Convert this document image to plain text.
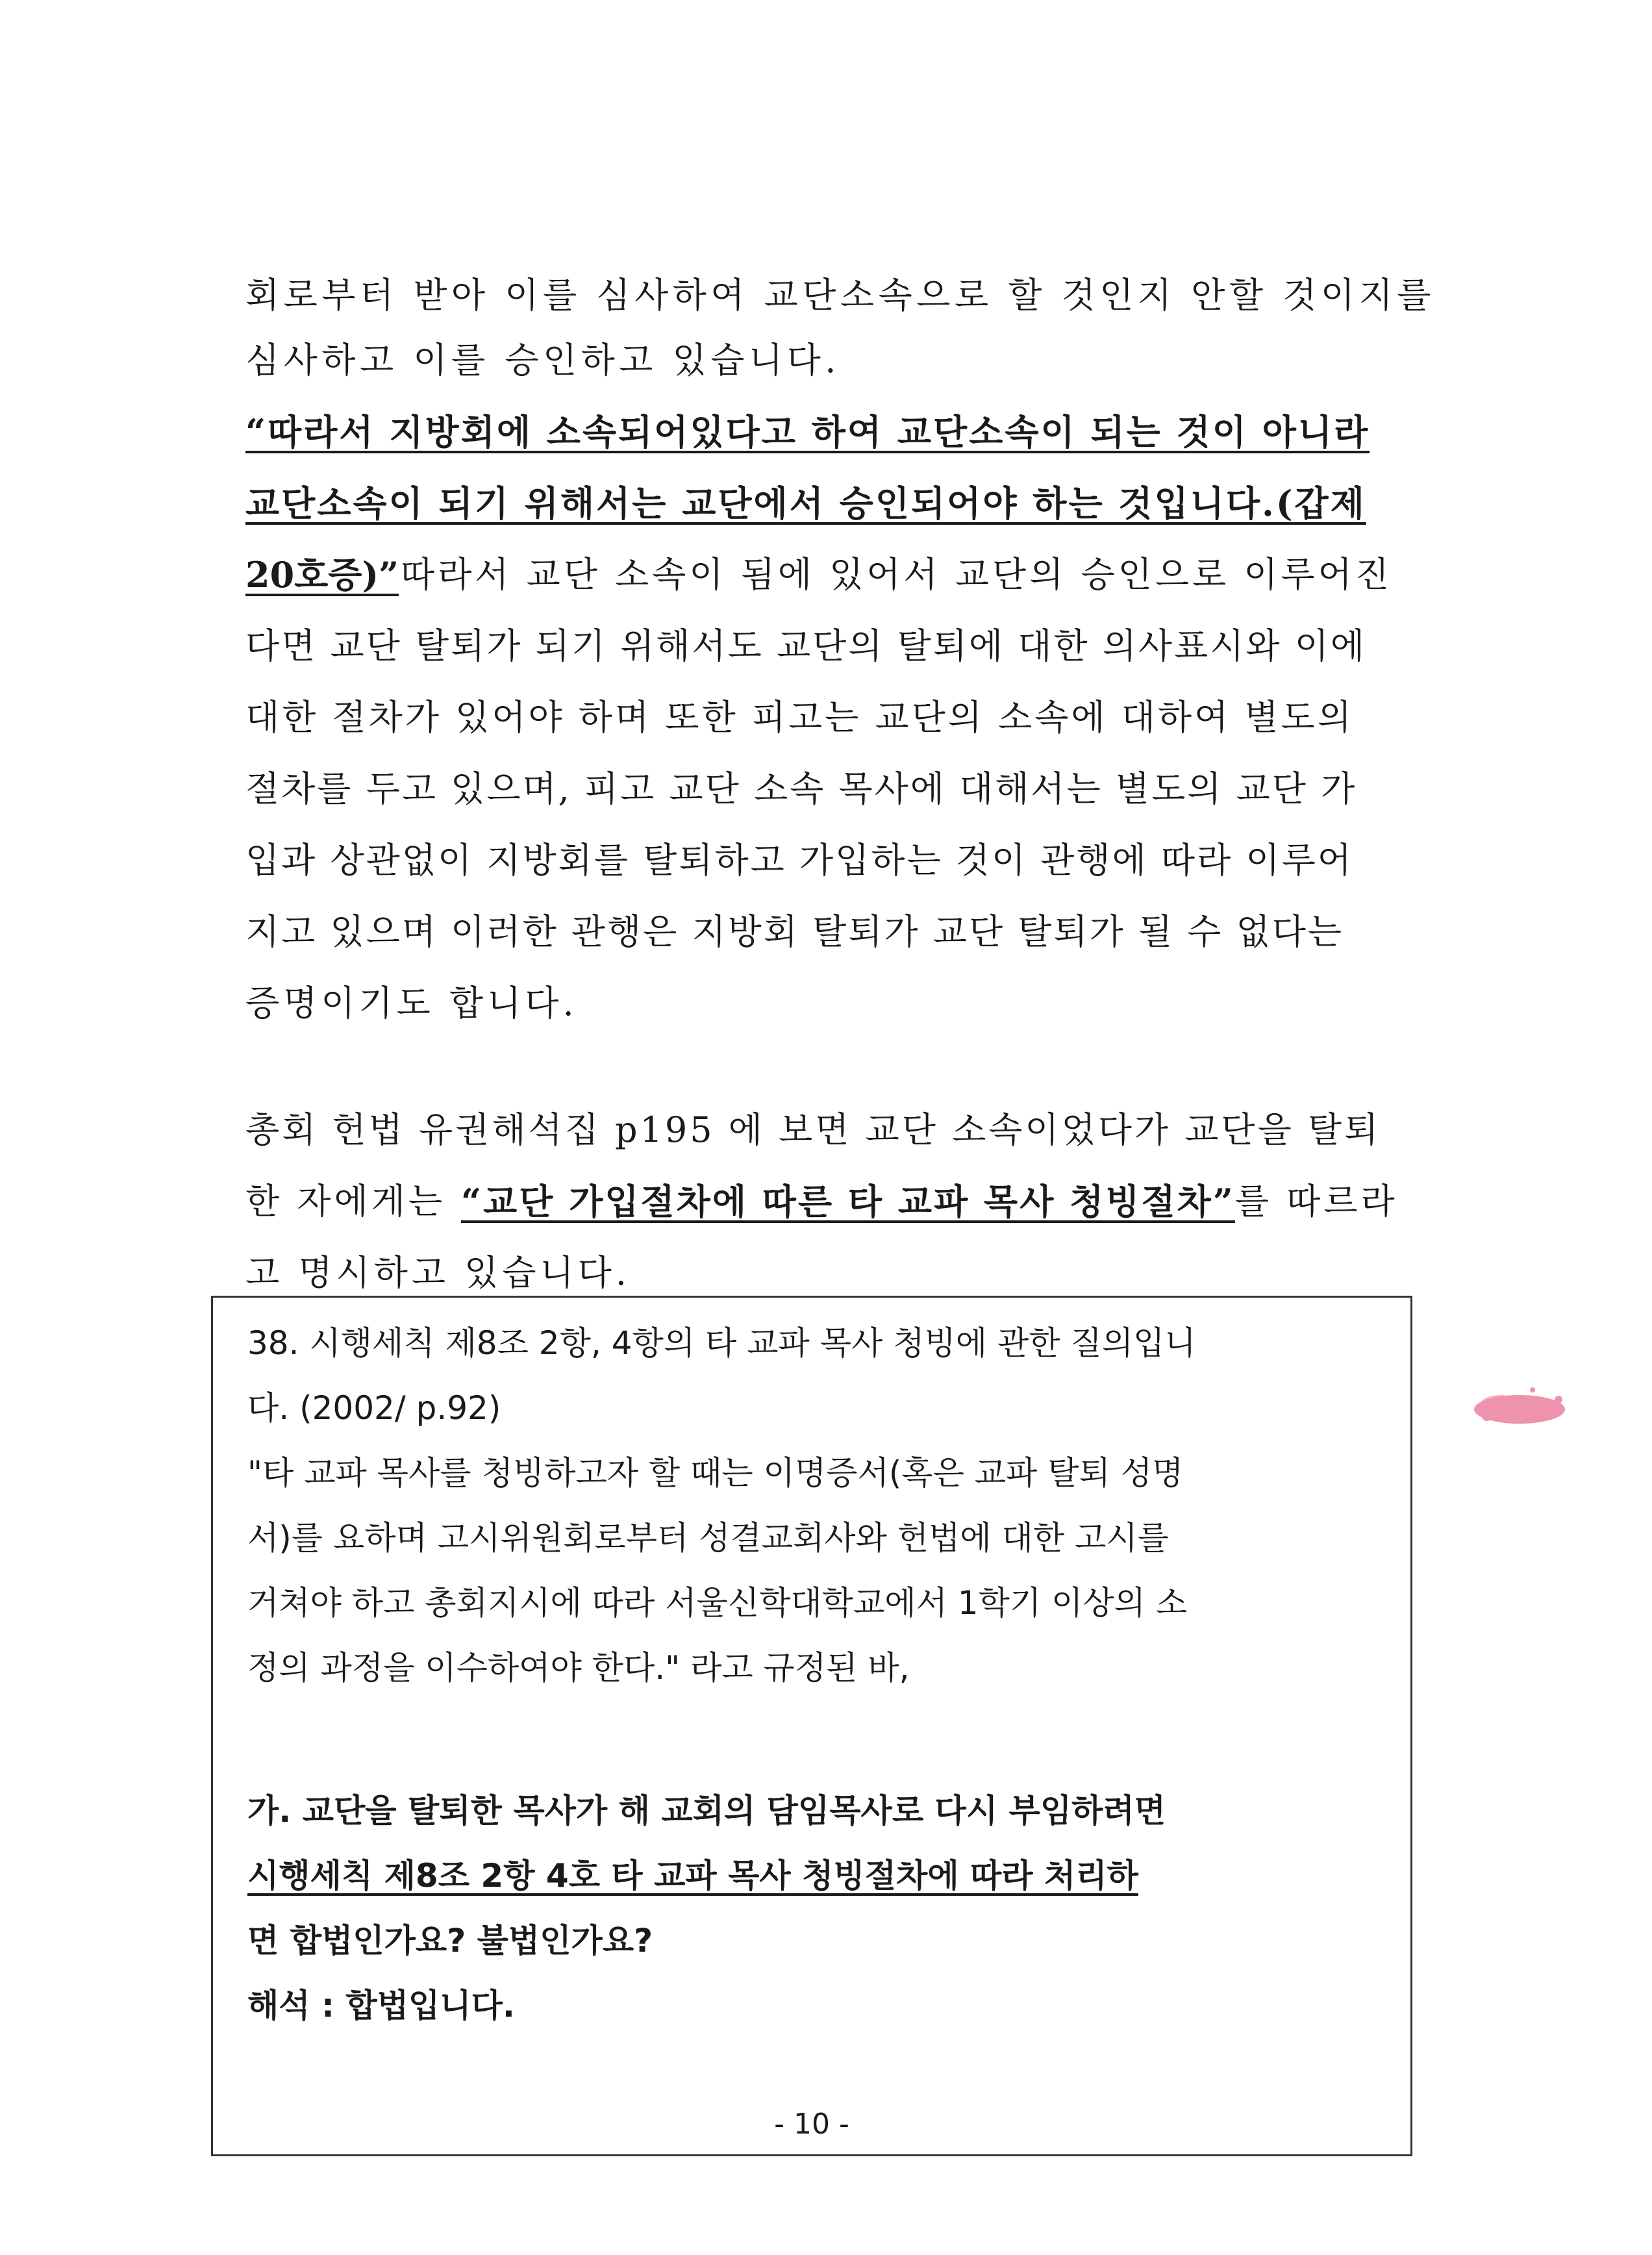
회로부터 받아 이를 심사하여 교단소속으로 할 것인지 안할 것이지를
심사하고 이를 승인하고 있습니다.
“따라서 지방회에 소속되어있다고 하여 교단소속이 되는 것이 아니라
교단소속이 되기 위해서는 교단에서 승인되어야 하는 것입니다.(갑제
20호증)” 따라서 교단 소속이 됨에 있어서 교단의 승인으로 이루어진
다면 교단 탈퇴가 되기 위해서도 교단의 탈퇴에 대한 의사표시와 이에
대한 절차가 있어야 하며 또한 피고는 교단의 소속에 대하여 별도의
절차를 두고 있으며, 피고 교단 소속 목사에 대해서는 별도의 교단 가
입과 상관없이 지방회를 탈퇴하고 가입하는 것이 관행에 따라 이루어
지고 있으며 이러한 관행은 지방회 탈퇴가 교단 탈퇴가 될 수 없다는
증명이기도 합니다.
총회 헌법 유권해석집 p195 에 보면 교단 소속이었다가 교단을 탈퇴
한 자에게는 “교단 가입절차에 따른 타 교파 목사 청빙절차” 를 따르라
고 명시하고 있습니다.
38. 시행세칙 제8조 2항, 4항의 타 교파 목사 청빙에 관한 질의입니
다. (2002/ p.92)
"타 교파 목사를 청빙하고자 할 때는 이명증서(혹은 교파 탈퇴 성명
서)를 요하며 고시위원회로부터 성결교회사와 헌법에 대한 고시를
거쳐야 하고 총회지시에 따라 서울신학대학교에서 1학기 이상의 소
정의 과정을 이수하여야 한다." 라고 규정된 바,
가. 교단을 탈퇴한 목사가 해 교회의 담임목사로 다시 부임하려면
시행세칙 제8조 2항 4호 타 교파 목사 청빙절차에 따라 처리하
면 합법인가요? 불법인가요?
해석 : 합법입니다.
- 10 -
